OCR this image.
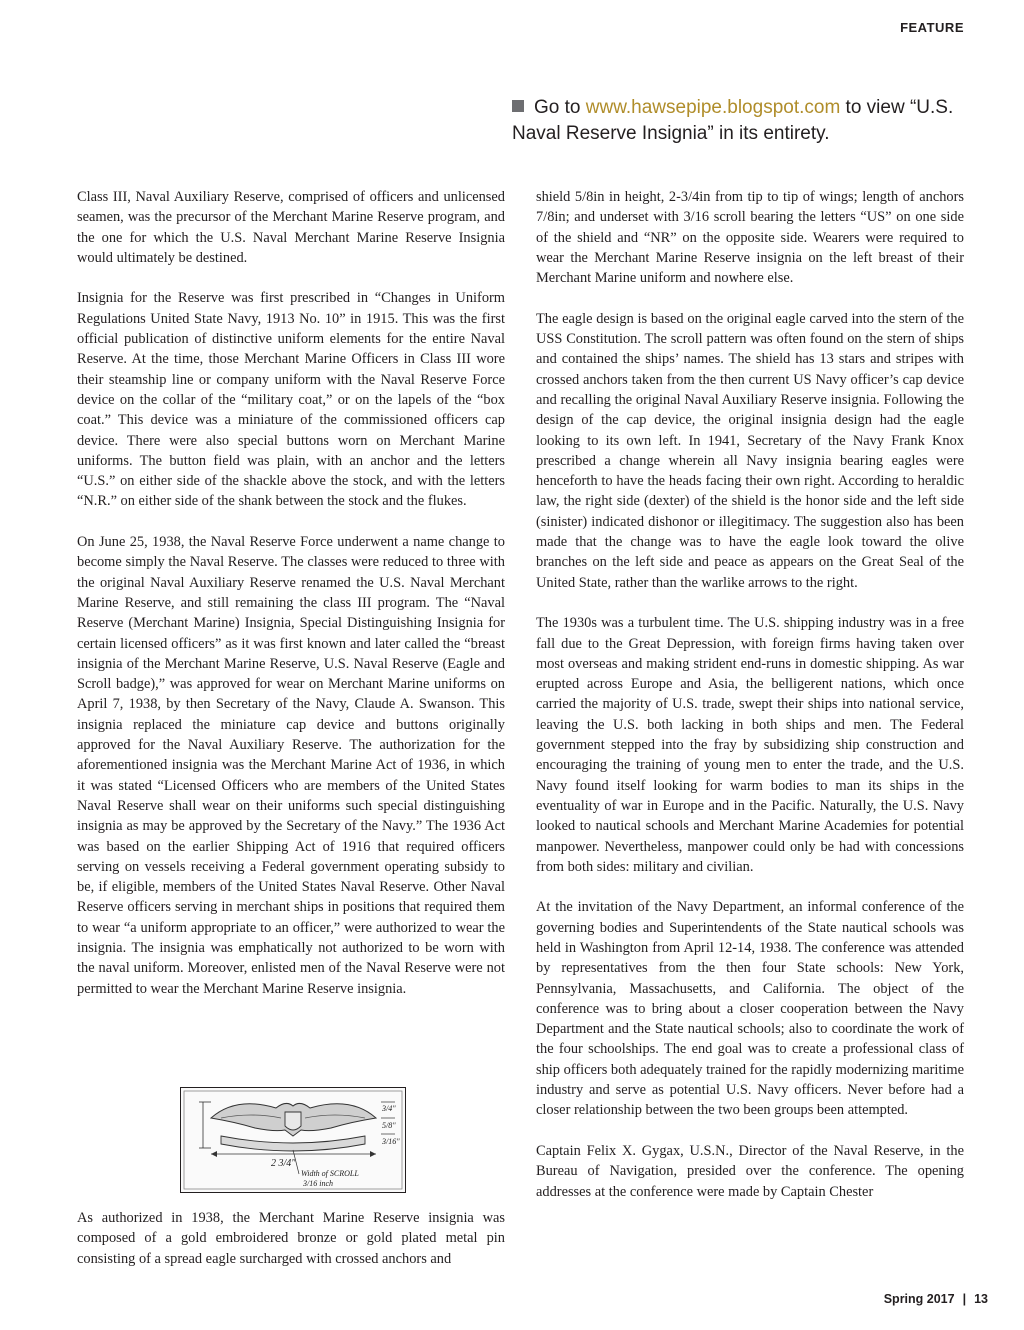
FEATURE
Go to www.hawsepipe.blogspot.com to view “U.S. Naval Reserve Insignia” in its entirety.

Class III, Naval Auxiliary Reserve, comprised of officers and unlicensed seamen, was the precursor of the Merchant Marine Reserve program, and the one for which the U.S. Naval Merchant Marine Reserve Insignia would ultimately be destined.

Insignia for the Reserve was first prescribed in “Changes in Uniform Regulations United State Navy, 1913 No. 10” in 1915. This was the first official publication of distinctive uniform elements for the entire Naval Reserve. At the time, those Merchant Marine Officers in Class III wore their steamship line or company uniform with the Naval Reserve Force device on the collar of the “military coat,” or on the lapels of the “box coat.” This device was a miniature of the commissioned officers cap device. There were also special buttons worn on Merchant Marine uniforms. The button field was plain, with an anchor and the letters “U.S.” on either side of the shackle above the stock, and with the letters “N.R.” on either side of the shank between the stock and the flukes.

On June 25, 1938, the Naval Reserve Force underwent a name change to become simply the Naval Reserve. The classes were reduced to three with the original Naval Auxiliary Reserve renamed the U.S. Naval Merchant Marine Reserve, and still remaining the class III program. The “Naval Reserve (Merchant Marine) Insignia, Special Distinguishing Insignia for certain licensed officers” as it was first known and later called the “breast insignia of the Merchant Marine Reserve, U.S. Naval Reserve (Eagle and Scroll badge),” was approved for wear on Merchant Marine uniforms on April 7, 1938, by then Secretary of the Navy, Claude A. Swanson. This insignia replaced the miniature cap device and buttons originally approved for the Naval Auxiliary Reserve. The authorization for the aforementioned insignia was the Merchant Marine Act of 1936, in which it was stated “Licensed Officers who are members of the United States Naval Reserve shall wear on their uniforms such special distinguishing insignia as may be approved by the Secretary of the Navy.” The 1936 Act was based on the earlier Shipping Act of 1916 that required officers serving on vessels receiving a Federal government operating subsidy to be, if eligible, members of the United States Naval Reserve. Other Naval Reserve officers serving in merchant ships in positions that required them to wear “a uniform appropriate to an officer,” were authorized to wear the insignia. The insignia was emphatically not authorized to be worn with the naval uniform. Moreover, enlisted men of the Naval Reserve were not permitted to wear the Merchant Marine Reserve insignia.

2 3/4"
3/4"
5/8"
3/16"
Width of SCROLL
3/16 inch

As authorized in 1938, the Merchant Marine Reserve insignia was composed of a gold embroidered bronze or gold plated metal pin consisting of a spread eagle surcharged with crossed anchors and

shield 5/8in in height, 2-3/4in from tip to tip of wings; length of anchors 7/8in; and underset with 3/16 scroll bearing the letters “US” on one side of the shield and “NR” on the opposite side. Wearers were required to wear the Merchant Marine Reserve insignia on the left breast of their Merchant Marine uniform and nowhere else.

The eagle design is based on the original eagle carved into the stern of the USS Constitution. The scroll pattern was often found on the stern of ships and contained the ships’ names. The shield has 13 stars and stripes with crossed anchors taken from the then current US Navy officer’s cap device and recalling the original Naval Auxiliary Reserve insignia. Following the design of the cap device, the original insignia design had the eagle looking to its own left. In 1941, Secretary of the Navy Frank Knox prescribed a change wherein all Navy insignia bearing eagles were henceforth to have the heads facing their own right. According to heraldic law, the right side (dexter) of the shield is the honor side and the left side (sinister) indicated dishonor or illegitimacy. The suggestion also has been made that the change was to have the eagle look toward the olive branches on the left side and peace as appears on the Great Seal of the United State, rather than the warlike arrows to the right.

The 1930s was a turbulent time. The U.S. shipping industry was in a free fall due to the Great Depression, with foreign firms having taken over most overseas and making strident end-runs in domestic shipping. As war erupted across Europe and Asia, the belligerent nations, which once carried the majority of U.S. trade, swept their ships into national service, leaving the U.S. both lacking in both ships and men. The Federal government stepped into the fray by subsidizing ship construction and encouraging the training of young men to enter the trade, and the U.S. Navy found itself looking for warm bodies to man its ships in the eventuality of war in Europe and in the Pacific. Naturally, the U.S. Navy looked to nautical schools and Merchant Marine Academies for potential manpower. Nevertheless, manpower could only be had with concessions from both sides: military and civilian.

At the invitation of the Navy Department, an informal conference of the governing bodies and Superintendents of the State nautical schools was held in Washington from April 12-14, 1938. The conference was attended by representatives from the then four State schools: New York, Pennsylvania, Massachusetts, and California. The object of the conference was to bring about a closer cooperation between the Navy Department and the State nautical schools; also to coordinate the work of the four schoolships. The end goal was to create a professional class of ship officers both adequately trained for the rapidly modernizing maritime industry and serve as potential U.S. Navy officers. Never before had a closer relationship between the two been groups been attempted.

Captain Felix X. Gygax, U.S.N., Director of the Naval Reserve, in the Bureau of Navigation, presided over the conference. The opening addresses at the conference were made by Captain Chester

Spring 2017 | 13
